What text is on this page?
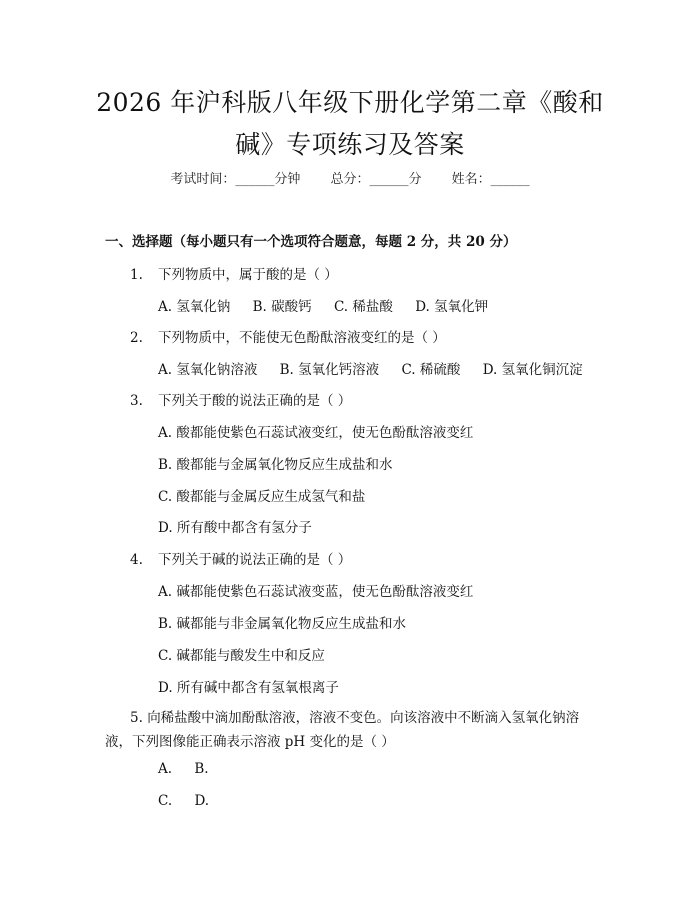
2026 年沪科版八年级下册化学第二章《酸和
碱》专项练习及答案
考试时间：______分钟 总分：______分 姓名：______
一、选择题（每小题只有一个选项符合题意，每题 2 分，共 20 分）
1. 下列物质中，属于酸的是（ ）
A. 氢氧化钠 B. 碳酸钙 C. 稀盐酸 D. 氢氧化钾
2. 下列物质中，不能使无色酚酞溶液变红的是（ ）
A. 氢氧化钠溶液 B. 氢氧化钙溶液 C. 稀硫酸 D. 氢氧化铜沉淀
3. 下列关于酸的说法正确的是（ ）
A. 酸都能使紫色石蕊试液变红，使无色酚酞溶液变红
B. 酸都能与金属氧化物反应生成盐和水
C. 酸都能与金属反应生成氢气和盐
D. 所有酸中都含有氢分子
4. 下列关于碱的说法正确的是（ ）
A. 碱都能使紫色石蕊试液变蓝，使无色酚酞溶液变红
B. 碱都能与非金属氧化物反应生成盐和水
C. 碱都能与酸发生中和反应
D. 所有碱中都含有氢氧根离子
5. 向稀盐酸中滴加酚酞溶液，溶液不变色。向该溶液中不断滴入氢氧化钠溶液，下列图像能正确表示溶液 pH 变化的是（ ）
A. B.
C. D.
